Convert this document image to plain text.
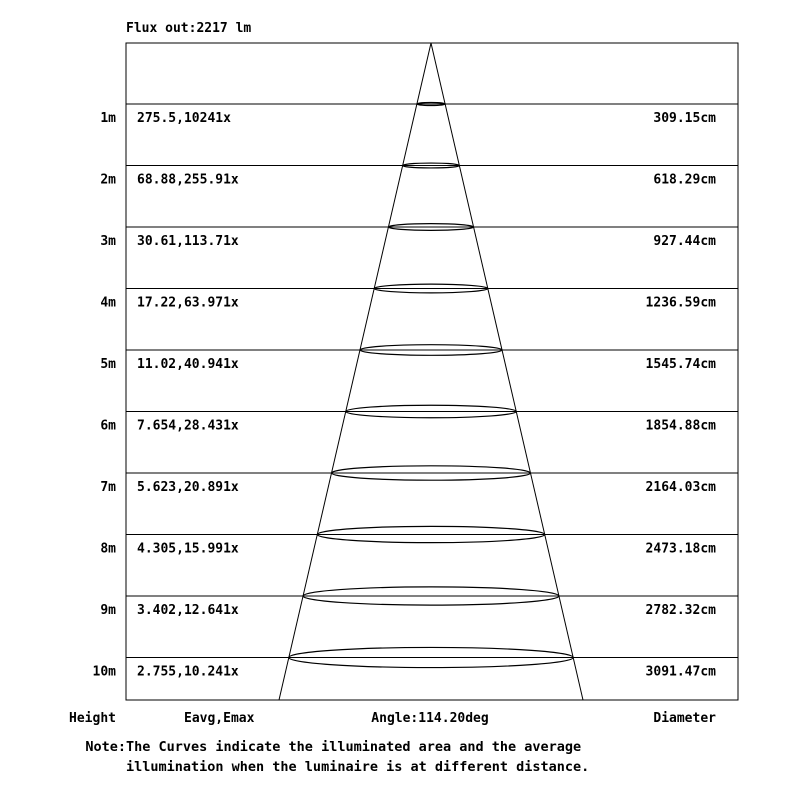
Flux out:2217 lm
1m 275.5,10241x	309.15cm
2m 68.88,255.91x	618.29cm
3m 30.61,113.71x	927.44cm
4m 17.22,63.971x	1236.59cm
5m 11.02,40.941x	1545.74cm
6m 7.654,28.431x	1854.88cm
7m 5.623,20.891x	2164.03cm
8m 4.305,15.991x	2473.18cm
9m 3.402,12.641x	2782.32cm
10m 2.755,10.241x	3091.47cm
Height	Eavg,Emax	Angle:114.20deg	Diameter
Note: The Curves indicate the illuminated area and the average
illumination when the luminaire is at different distance.
